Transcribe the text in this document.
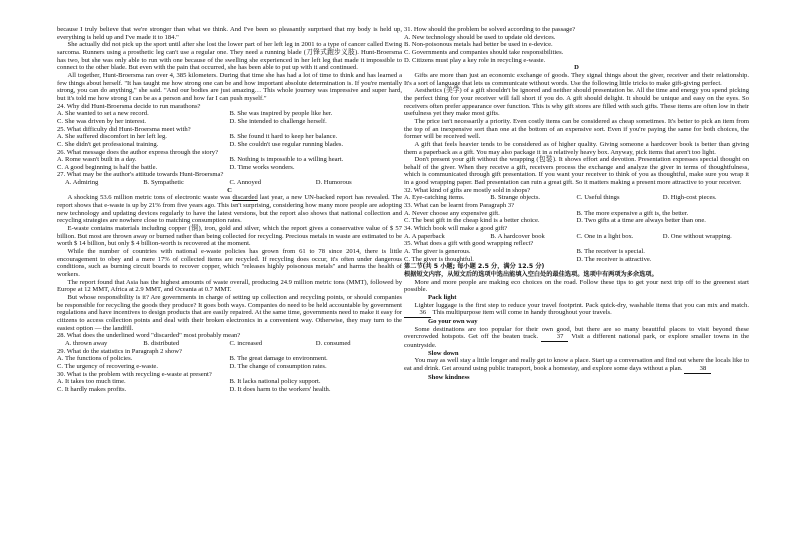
because I truly believe that we're stronger than what we think. And I've been so pleasantly surprised that my body is held up, everything is held up and I've made it to 184."

She actually did not pick up the sport until after she lost the lower part of her left leg in 2001 to a type of cancer called Ewing sarcoma. Runners using a prosthetic leg can't use a regular one. They need a running blade (刀锋式跑步义肢). Hunt-Broersma has two, but she was only able to run with one because of the swelling she experienced in her left leg that made it impossible to connect to the other blade. But even with the pain that occurred, she has been able to put up with it and continued.

All together, Hunt-Broersma ran over 4, 385 kilometers. During that time she has had a lot of time to think and has learned a few things about herself. "It has taught me how strong one can be and how important absolute determination is. If you're mentally strong, you can do anything," she said. "And our bodies are just amazing… This whole journey was impressive and super hard, but it's told me how strong I can be as a person and how far I can push myself."

24. Why did Hunt-Broersma decide to run marathons?

A. She wanted to set a new record.	B. She was inspired by people like her.
C. She was driven by her interest.	D. She intended to challenge herself.

25. What difficulty did Hunt-Broersma meet with?

A. She suffered discomfort in her left leg.	B. She found it hard to keep her balance.
C. She didn't get professional training.	D. She couldn't use regular running blades.

26. What message does the author express through the story?

A. Rome wasn't built in a day.	B. Nothing is impossible to a willing heart.
C. A good beginning is half the battle.	D. Time works wonders.

27. What may be the author's attitude towards Hunt-Broersma?

A. Admiring	B. Sympathetic	C. Annoyed	D. Humorous

C

A shocking 53.6 million metric tons of electronic waste was discarded last year, a new UN-backed report has revealed. The report shows that e-waste is up by 21% from five years ago. This isn't surprising, considering how many more people are adopting new technology and updating devices regularly to have the latest versions, but the report also shows that national collection and recycling strategies are nowhere close to matching consumption rates.

E-waste contains materials including copper (铜), iron, gold and silver, which the report gives a conservative value of $ 57 billion. But most are thrown away or burned rather than being collected for recycling. Precious metals in waste are estimated to be worth $ 14 billion, but only $ 4 billion-worth is recovered at the moment.

While the number of countries with national e-waste policies has grown from 61 to 78 since 2014, there is little encouragement to obey and a mere 17% of collected items are recycled. If recycling does occur, it's often under dangerous conditions, such as burning circuit boards to recover copper, which "releases highly poisonous metals" and harms the health of workers.

The report found that Asia has the highest amounts of waste overall, producing 24.9 million metric tons (MMT), followed by Europe at 12 MMT, Africa at 2.9 MMT, and Oceania at 0.7 MMT.

But whose responsibility is it? Are governments in charge of setting up collection and recycling points, or should companies be responsible for recycling the goods they produce? It goes both ways. Companies do need to be held accountable by government regulations and have incentives to design products that are easily repaired. At the same time, governments need to make it easy for citizens to access collection points and deal with their broken electronics in a convenient way. Otherwise, they may turn to the easiest option — the landfill.

28. What does the underlined word "discarded" most probably mean?

A. thrown away	B. distributed	C. increased	D. consumed

29. What do the statistics in Paragraph 2 show?

A. The functions of policies.	B. The great damage to environment.
C. The urgency of recovering e-waste.	D. The change of consumption rates.

30. What is the problem with recycling e-waste at present?

A. It takes too much time.	B. It lacks national policy support.
C. It hardly makes profits.	D. It does harm to the workers' health.

31. How should the problem be solved according to the passage?

A. New technology should be used to update old devices.
B. Non-poisonous metals had better be used in e-device.
C. Governments and companies should take responsibilities.
D. Citizens must play a key role in recycling e-waste.

D

Gifts are more than just an economic exchange of goods. They signal things about the giver, receiver and their relationship. It's a sort of language that lets us communicate without words. Use the following little tricks to make gift-giving perfect.

Aesthetics (美学) of a gift shouldn't be ignored and neither should presentation be. All the time and energy you spend picking the perfect thing for your receiver will fall short if you do. A gift should delight. It should be unique and easy on the eyes. So receivers often prefer appearance over function. This is why gift stores are filled with such gifts. These items are often low in their usefulness yet they make most gifts.

The price isn't necessarily a priority. Even costly items can be considered as cheap sometimes. It's better to pick an item from the top of an inexpensive sort than one at the bottom of an expensive sort. Even if you're paying the same for both choices, the former will be received well.

A gift that feels heavier tends to be considered as of higher quality. Giving someone a hardcover book is better than giving them a paperback as a gift. You may also package it in a relatively heavy box. Anyway, pick items that aren't too light.

Don't present your gift without the wrapping (包装). It shows effort and devotion. Presentation expresses special thought on behalf of the giver. When they receive a gift, receivers process the exchange and analyze the giver in terms of thoughtfulness, which is communicated through gift presentation. If you want your receiver to think of you as thoughtful, make sure you wrap it in a good wrapping paper. Bad presentation can ruin a great gift. So it matters making a present more attractive to your receiver.

32. What kind of gifts are mostly sold in shops?

A. Eye-catching items.	B. Strange objects.	C. Useful things	D. High-cost pieces.

33. What can be learnt from Paragraph 3?

A. Never choose any expensive gift.	B. The more expensive a gift is, the better.
C. The best gift in the cheap kind is a better choice.	D. Two gifts at a time are always better than one.

34. Which book will make a good gift?

A. A paperback	B. A hardcover book	C. One in a light box.	D. One without wrapping.

35. What does a gift with good wrapping reflect?

A. The giver is generous.	B. The receiver is special.
C. The giver is thoughtful.	D. The receiver is attractive.

第二节(共 5 小题; 每小题 2.5 分，满分 12.5 分)

根据短文内容，从短文后的选项中选出能填入空白处的最佳选项。选项中有两项为多余选项。

More and more people are making eco choices on the road. Follow these tips to get your next trip off to the greenest start possible.

Pack light

Lighter luggage is the first step to reduce your travel footprint. Pack quick-dry, washable items that you can mix and match. 36 This multipurpose item will come in handy throughout your travels.

Go your own way

Some destinations are too popular for their own good, but there are so many beautiful places to visit beyond these overcrowded hotspots. Get off the beaten track. 37 Visit a different national park, or explore smaller towns in the countryside.

Slow down

You may as well stay a little longer and really get to know a place. Start up a conversation and find out where the locals like to eat and drink. Get around using public transport, book a homestay, and explore some days without a plan. 38

Show kindness
